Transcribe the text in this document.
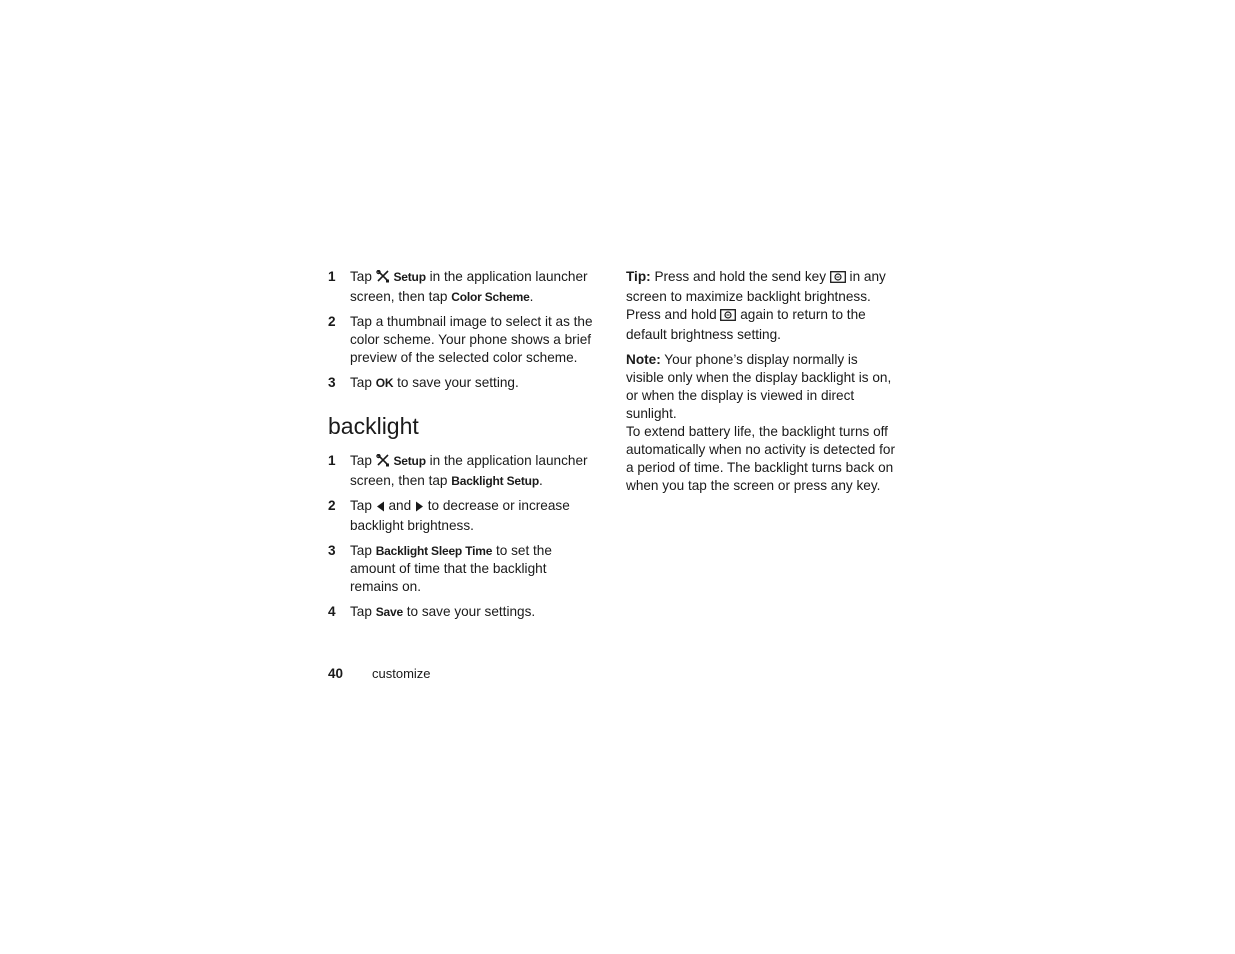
1 Tap  Setup in the application launcher screen, then tap Color Scheme.
2 Tap a thumbnail image to select it as the color scheme. Your phone shows a brief preview of the selected color scheme.
3 Tap OK to save your setting.
backlight
1 Tap  Setup in the application launcher screen, then tap Backlight Setup.
2 Tap  and  to decrease or increase backlight brightness.
3 Tap Backlight Sleep Time to set the amount of time that the backlight remains on.
4 Tap Save to save your settings.
Tip: Press and hold the send key  in any screen to maximize backlight brightness. Press and hold  again to return to the default brightness setting.
Note: Your phone’s display normally is visible only when the display backlight is on, or when the display is viewed in direct sunlight.
To extend battery life, the backlight turns off automatically when no activity is detected for a period of time. The backlight turns back on when you tap the screen or press any key.
40 customize
